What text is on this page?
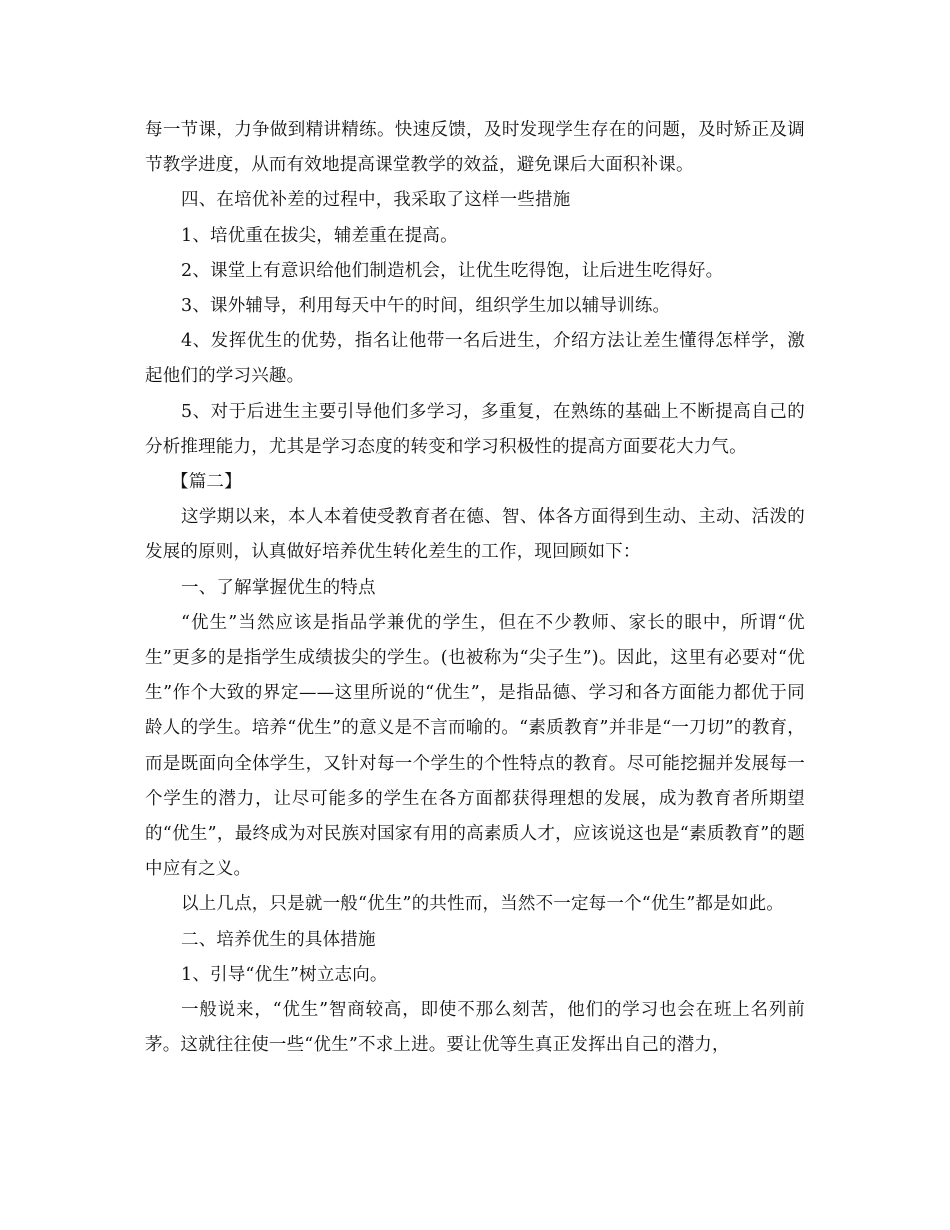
每一节课，力争做到精讲精练。快速反馈，及时发现学生存在的问题，及时矫正及调节教学进度，从而有效地提高课堂教学的效益，避免课后大面积补课。

四、在培优补差的过程中，我采取了这样一些措施

1、培优重在拔尖，辅差重在提高。

2、课堂上有意识给他们制造机会，让优生吃得饱，让后进生吃得好。

3、课外辅导，利用每天中午的时间，组织学生加以辅导训练。

4、发挥优生的优势，指名让他带一名后进生，介绍方法让差生懂得怎样学，激起他们的学习兴趣。

5、对于后进生主要引导他们多学习，多重复，在熟练的基础上不断提高自己的分析推理能力，尤其是学习态度的转变和学习积极性的提高方面要花大力气。

【篇二】

这学期以来，本人本着使受教育者在德、智、体各方面得到生动、主动、活泼的发展的原则，认真做好培养优生转化差生的工作，现回顾如下：

一、了解掌握优生的特点

“优生”当然应该是指品学兼优的学生，但在不少教师、家长的眼中，所谓“优生”更多的是指学生成绩拔尖的学生。(也被称为“尖子生”)。因此，这里有必要对“优生”作个大致的界定——这里所说的“优生”，是指品德、学习和各方面能力都优于同龄人的学生。培养“优生”的意义是不言而喻的。“素质教育”并非是“一刀切”的教育，而是既面向全体学生，又针对每一个学生的个性特点的教育。尽可能挖掘并发展每一个学生的潜力，让尽可能多的学生在各方面都获得理想的发展，成为教育者所期望的“优生”，最终成为对民族对国家有用的高素质人才，应该说这也是“素质教育”的题中应有之义。

以上几点，只是就一般“优生”的共性而，当然不一定每一个“优生”都是如此。

二、培养优生的具体措施

1、引导“优生”树立志向。

一般说来，“优生”智商较高，即使不那么刻苦，他们的学习也会在班上名列前茅。这就往往使一些“优生”不求上进。要让优等生真正发挥出自己的潜力，
